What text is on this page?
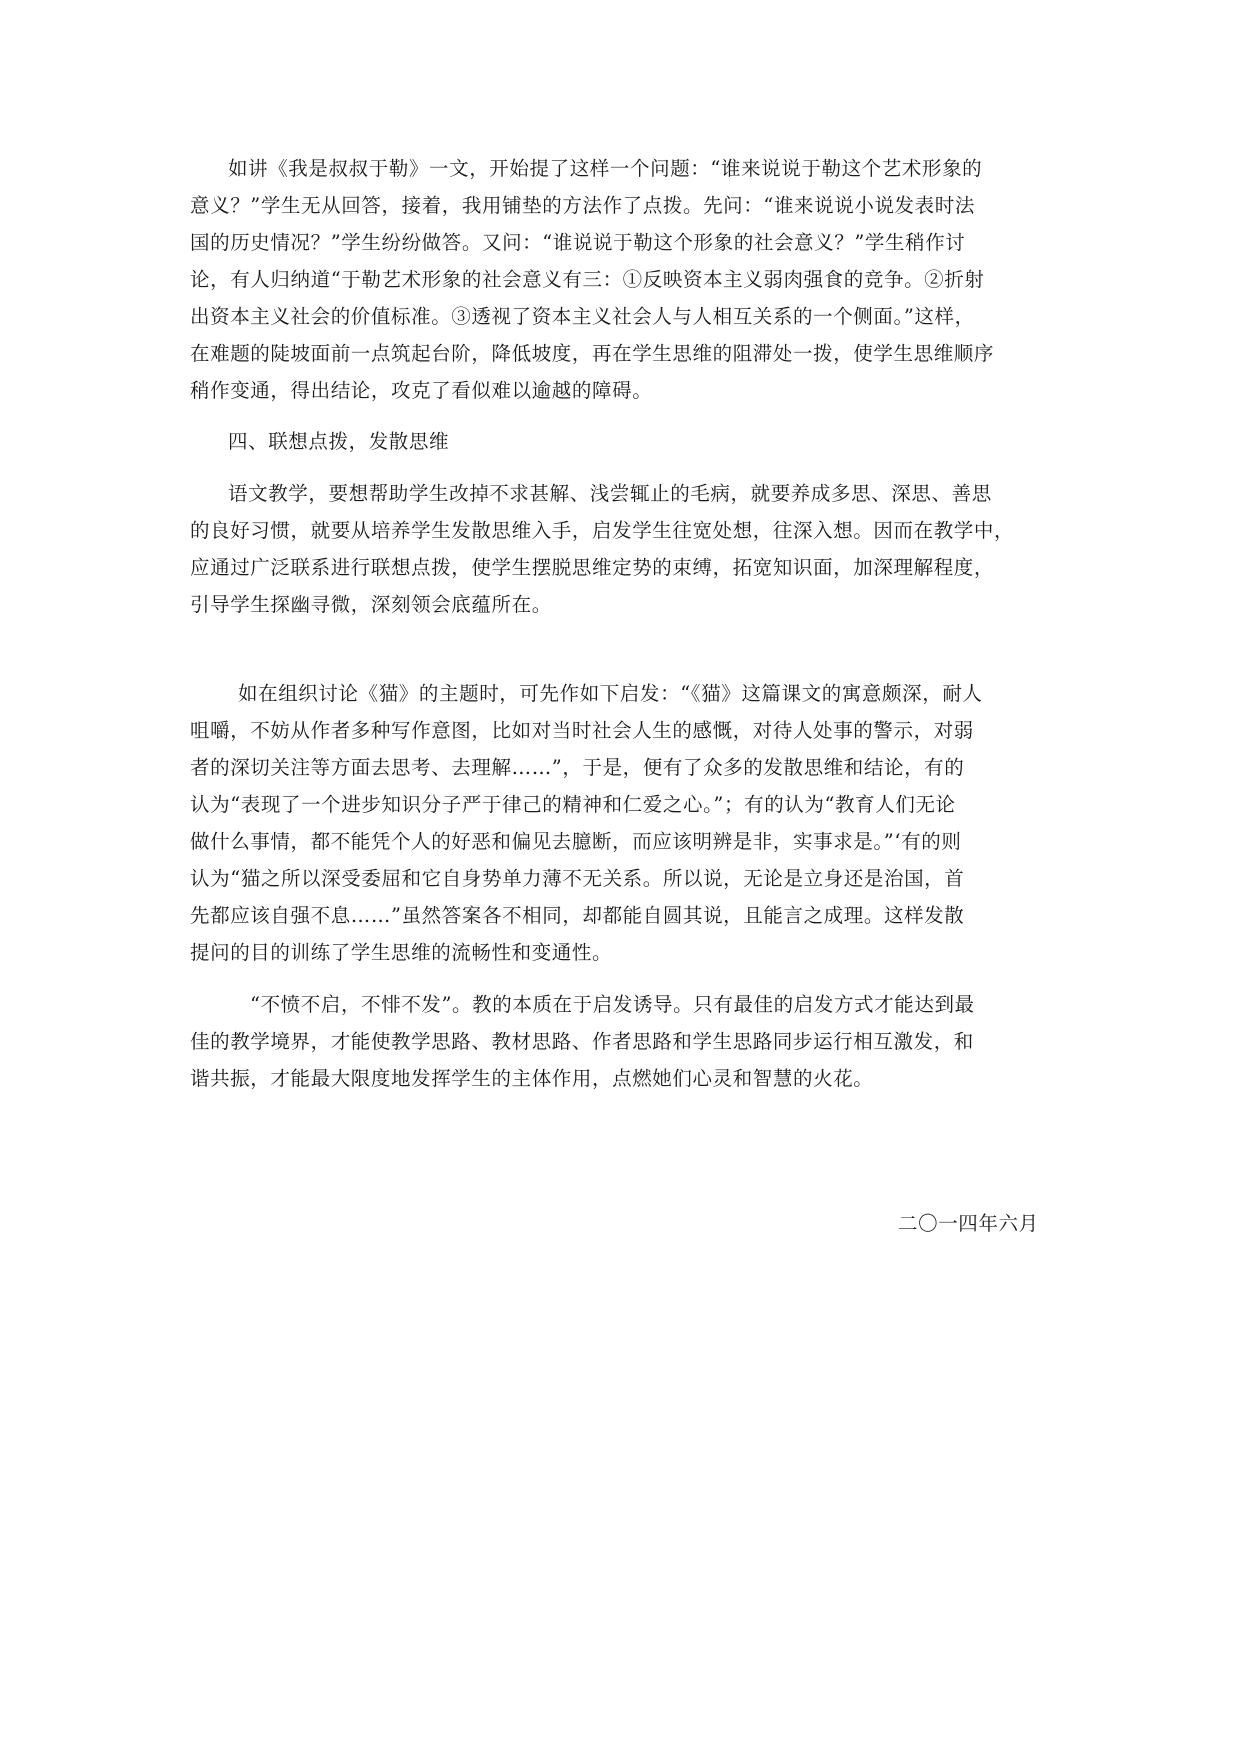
如讲《我是叔叔于勒》一文，开始提了这样一个问题：“谁来说说于勒这个艺术形象的
意义？”学生无从回答，接着，我用铺垫的方法作了点拨。先问：“谁来说说小说发表时法
国的历史情况？”学生纷纷做答。又问：“谁说说于勒这个形象的社会意义？”学生稍作讨
论，有人归纳道“于勒艺术形象的社会意义有三：①反映资本主义弱肉强食的竞争。②折射
出资本主义社会的价值标准。③透视了资本主义社会人与人相互关系的一个侧面。”这样，
在难题的陡坡面前一点筑起台阶，降低坡度，再在学生思维的阻滞处一拨，使学生思维顺序
稍作变通，得出结论，攻克了看似难以逾越的障碍。
四、联想点拨，发散思维
语文教学，要想帮助学生改掉不求甚解、浅尝辄止的毛病，就要养成多思、深思、善思
的良好习惯，就要从培养学生发散思维入手，启发学生往宽处想，往深入想。因而在教学中，
应通过广泛联系进行联想点拨，使学生摆脱思维定势的束缚，拓宽知识面，加深理解程度，
引导学生探幽寻微，深刻领会底蕴所在。
如在组织讨论《猫》的主题时，可先作如下启发：“《猫》这篇课文的寓意颇深，耐人
咀嚼，不妨从作者多种写作意图，比如对当时社会人生的感慨，对待人处事的警示，对弱
者的深切关注等方面去思考、去理解……”，于是，便有了众多的发散思维和结论，有的
认为“表现了一个进步知识分子严于律己的精神和仁爱之心。”；有的认为“教育人们无论
做什么事情，都不能凭个人的好恶和偏见去臆断，而应该明辨是非，实事求是。”‘有的则
认为“猫之所以深受委屈和它自身势单力薄不无关系。所以说，无论是立身还是治国，首
先都应该自强不息……”虽然答案各不相同，却都能自圆其说，且能言之成理。这样发散
提问的目的训练了学生思维的流畅性和变通性。
“不愤不启，不悱不发”。教的本质在于启发诱导。只有最佳的启发方式才能达到最
佳的教学境界，才能使教学思路、教材思路、作者思路和学生思路同步运行相互激发，和
谐共振，才能最大限度地发挥学生的主体作用，点燃她们心灵和智慧的火花。
二〇一四年六月
